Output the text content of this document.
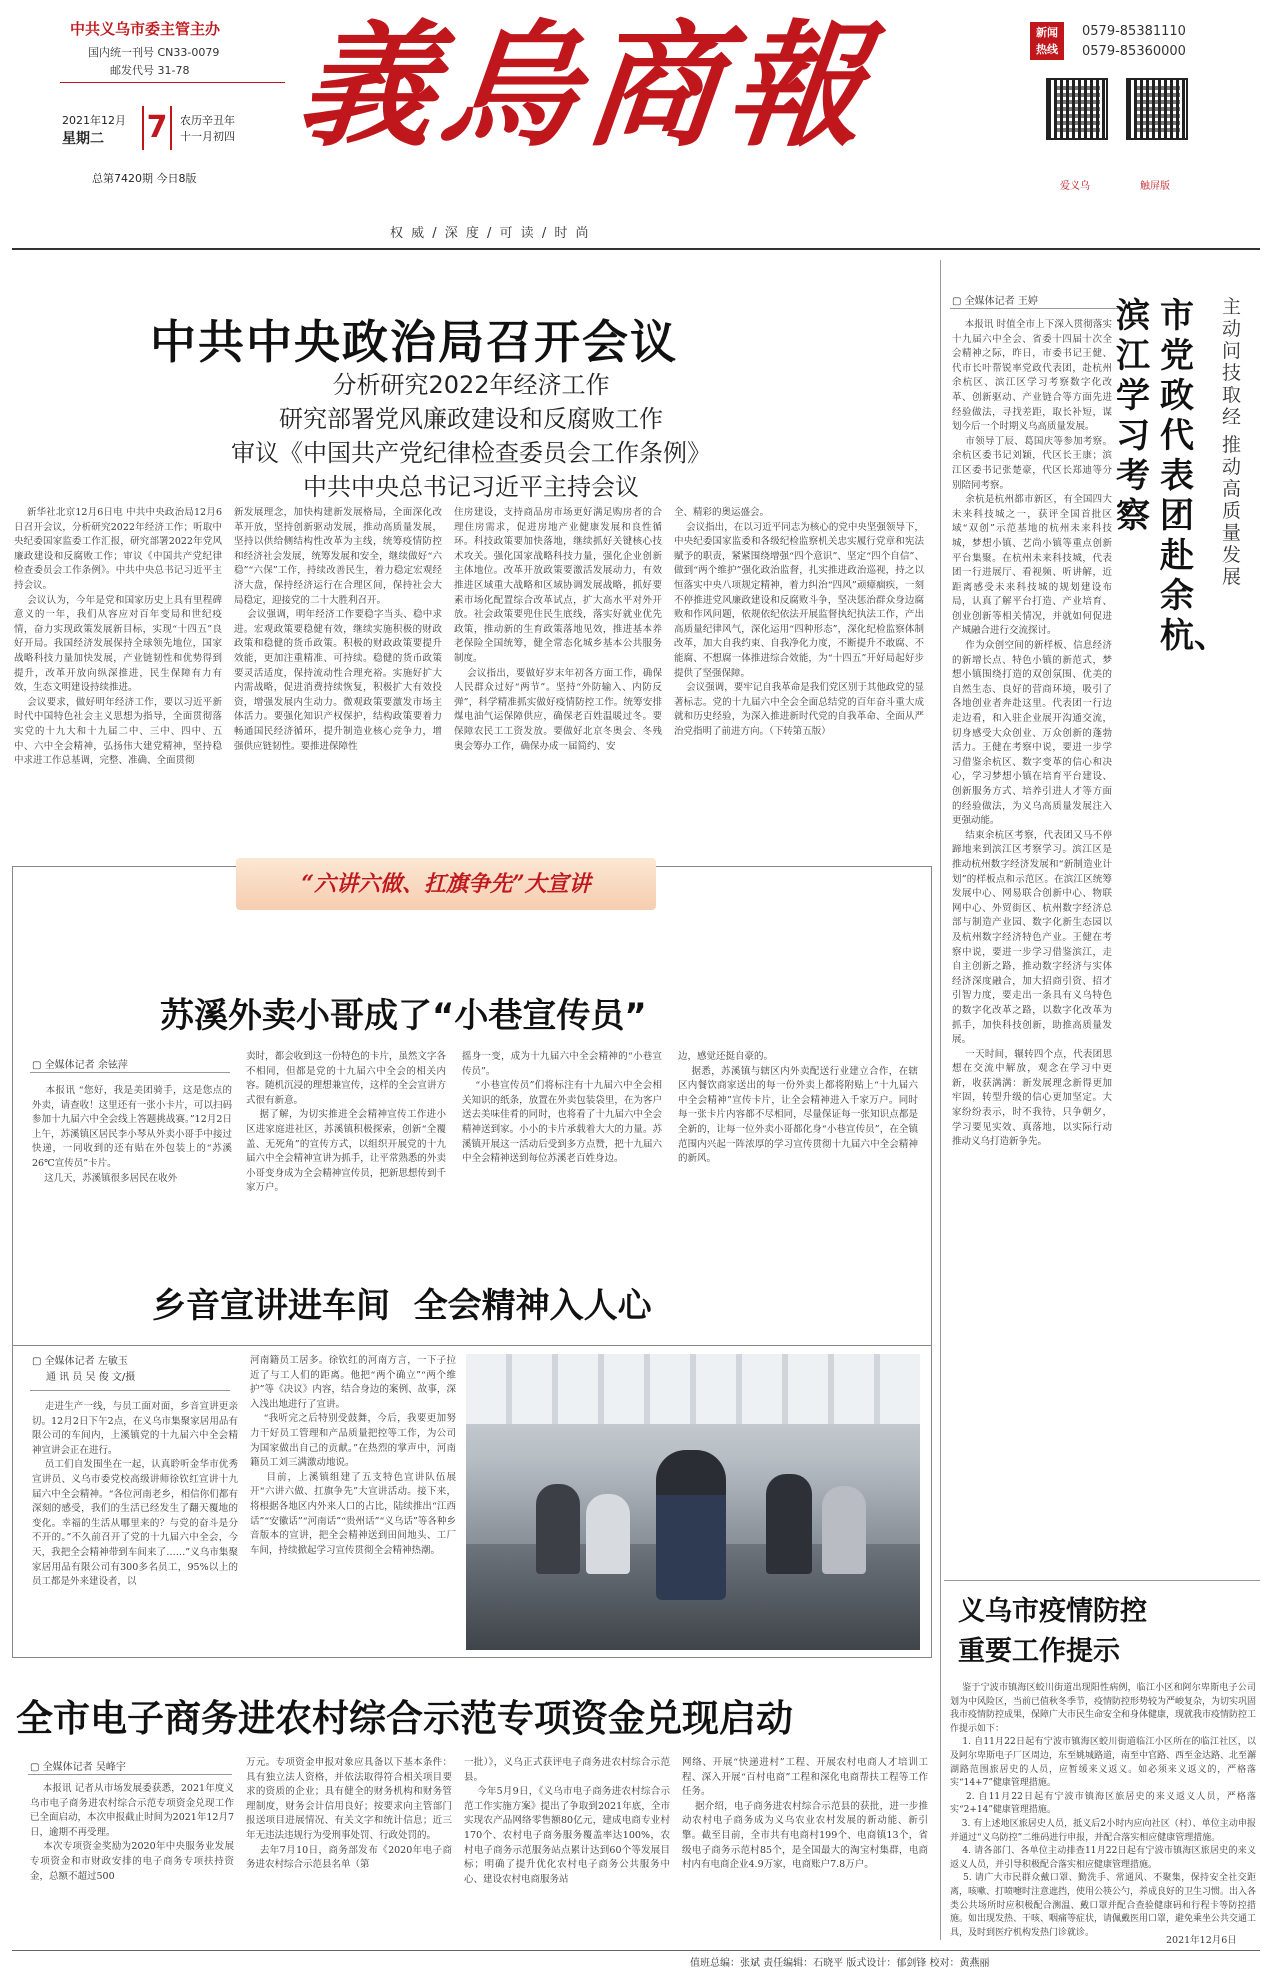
中共义乌市委主管主办
国内统一刊号 CN33-0079
邮发代号 31-78
2021年12月
星期二 7	农历辛丑年
十一月初四
总第7420期 今日8版
義烏商報
权 威 / 深 度 / 可 读 / 时 尚
新闻
热线
0579-85381110
0579-85360000
爱义乌	触屏版
中共中央政治局召开会议
分析研究2022年经济工作
研究部署党风廉政建设和反腐败工作
审议《中国共产党纪律检查委员会工作条例》
中共中央总书记习近平主持会议
新华社北京12月6日电 中共中央政治局12月6日召开会议，分析研究2022年经济工作；听取中央纪委国家监委工作汇报，研究部署2022年党风廉政建设和反腐败工作；审议《中国共产党纪律检查委员会工作条例》。中共中央总书记习近平主持会议。
会议认为，今年是党和国家历史上具有里程碑意义的一年，我们从容应对百年变局和世纪疫情，奋力实现政策发展新目标，实现“十四五”良好开局。我国经济发展保持全球领先地位，国家战略科技力量加快发展，产业链韧性和优势得到提升，改革开放向纵深推进，民生保障有力有效，生态文明建设持续推进。
会议要求，做好明年经济工作，要以习近平新时代中国特色社会主义思想为指导，全面贯彻落实党的十九大和十九届二中、三中、四中、五中、六中全会精神，弘扬伟大建党精神，坚持稳中求进工作总基调，完整、准确、全面贯彻
新发展理念，加快构建新发展格局，全面深化改革开放，坚持创新驱动发展，推动高质量发展，坚持以供给侧结构性改革为主线，统筹疫情防控和经济社会发展，统筹发展和安全，继续做好“六稳”“六保”工作，持续改善民生，着力稳定宏观经济大盘，保持经济运行在合理区间，保持社会大局稳定，迎接党的二十大胜利召开。
会议强调，明年经济工作要稳字当头、稳中求进。宏观政策要稳健有效，继续实施积极的财政政策和稳健的货币政策。积极的财政政策要提升效能，更加注重精准、可持续。稳健的货币政策要灵活适度，保持流动性合理充裕。实施好扩大内需战略，促进消费持续恢复，积极扩大有效投资，增强发展内生动力。微观政策要激发市场主体活力。要强化知识产权保护，结构政策要着力畅通国民经济循环，提升制造业核心竞争力，增强供应链韧性。要推进保障性
住房建设，支持商品房市场更好满足购房者的合理住房需求，促进房地产业健康发展和良性循环。科技政策要加快落地，继续抓好关键核心技术攻关。强化国家战略科技力量，强化企业创新主体地位。改革开放政策要激活发展动力，有效推进区域重大战略和区域协调发展战略，抓好要素市场化配置综合改革试点，扩大高水平对外开放。社会政策要兜住民生底线，落实好就业优先政策，推动新的生育政策落地见效，推进基本养老保险全国统筹，健全常态化城乡基本公共服务制度。
会议指出，要做好岁末年初各方面工作，确保人民群众过好“两节”。坚持“外防输入、内防反弹”，科学精准抓实做好疫情防控工作。统筹安排煤电油气运保障供应，确保老百姓温暖过冬。要保障农民工工资发放。要做好北京冬奥会、冬残奥会筹办工作，确保办成一届简约、安
全、精彩的奥运盛会。
会议指出，在以习近平同志为核心的党中央坚强领导下，中央纪委国家监委和各级纪检监察机关忠实履行党章和宪法赋予的职责，紧紧围绕增强“四个意识”、坚定“四个自信”、做到“两个维护”强化政治监督，扎实推进政治巡视，持之以恒落实中央八项规定精神，着力纠治“四风”顽瘴痼疾，一刻不停推进党风廉政建设和反腐败斗争，坚决惩治群众身边腐败和作风问题，依规依纪依法开展监督执纪执法工作，产出高质量纪律风气，深化运用“四种形态”，深化纪检监察体制改革，加大自我约束、自我净化力度，不断提升不敢腐、不能腐、不想腐一体推进综合效能，为“十四五”开好局起好步提供了坚强保障。
会议强调，要牢记自我革命是我们党区别于其他政党的显著标志。党的十九届六中全会全面总结党的百年奋斗重大成就和历史经验，为深入推进新时代党的自我革命、全面从严治党指明了前进方向。（下转第五版）
“六讲六做、扛旗争先”大宣讲
苏溪外卖小哥成了“小巷宣传员”
▢ 全媒体记者 余铉萍
本报讯 “您好，我是美团骑手，这是您点的外卖，请查收！这里还有一张小卡片，可以扫码参加十九届六中全会线上答题挑战赛。”12月2日上午，苏溪镇区居民李小琴从外卖小哥手中接过快递，一同收到的还有贴在外包装上的“苏溪26℃宣传员”卡片。
这几天，苏溪镇很多居民在收外
卖时，都会收到这一份特色的卡片，虽然文字各不相同，但都是党的十九届六中全会的相关内容。随机沉浸的理想兼宣传，这样的全会宣讲方式很有新意。
据了解，为切实推进全会精神宣传工作进小区进家庭进社区，苏溪镇积极探索，创新“全覆盖、无死角”的宣传方式，以组织开展党的十九届六中全会精神宣讲为抓手，让平常熟悉的外卖小哥变身成为全会精神宣传员，把新思想传到千家万户。
摇身一变，成为十九届六中全会精神的“小巷宣传员”。
“小巷宣传员”们将标注有十九届六中全会相关知识的纸条，放置在外卖包装袋里，在为客户送去美味佳肴的同时，也将看了十九届六中全会精神送到家。小小的卡片承载着大大的力量。苏溪镇开展这一活动后受到多方点赞，把十九届六中全会精神送到每位苏溪老百姓身边。
边，感觉还挺自豪的。
据悉，苏溪镇与辖区内外卖配送行业建立合作，在辖区内餐饮商家送出的每一份外卖上都将附贴上“十九届六中全会精神”宣传卡片，让全会精神进入千家万户。同时每一张卡片内容都不尽相同，尽量保证每一张知识点都是全新的，让每一位外卖小哥都化身“小巷宣传员”，在全镇范围内兴起一阵浓厚的学习宣传贯彻十九届六中全会精神的新风。
乡音宣讲进车间  全会精神入人心
▢ 全媒体记者 左敏玉
通 讯 员 吴 俊 文/摄
走进生产一线，与员工面对面，乡音宣讲更亲切。12月2日下午2点，在义乌市集聚家居用品有限公司的车间内，上溪镇党的十九届六中全会精神宣讲会正在进行。
员工们自发围坐在一起，认真聆听金华市优秀宣讲员、义乌市委党校高级讲师徐钦红宣讲十九届六中全会精神。“各位河南老乡，相信你们都有深刻的感受，我们的生活已经发生了翻天覆地的变化。幸福的生活从哪里来的？与党的奋斗是分不开的。”不久前召开了党的十九届六中全会，今天，我把全会精神带到车间来了……”义乌市集聚家居用品有限公司有300多名员工，95%以上的员工都是外来建设者，以
河南籍员工居多。徐钦红的河南方言，一下子拉近了与工人们的距离。他把“两个确立”“两个维护”等《决议》内容，结合身边的案例、故事，深入浅出地进行了宣讲。
“我听完之后特别受鼓舞，今后，我要更加努力干好员工管理和产品质量把控等工作，为公司为国家做出自己的贡献。”在热烈的掌声中，河南籍员工刘三满激动地说。
目前，上溪镇组建了五支特色宣讲队伍展开“六讲六做、扛旗争先”大宣讲活动。接下来，将根据各地区内外来人口的占比，陆续推出“江西话”“安徽话”“河南话”“贵州话”“义乌话”等各种乡音版本的宣讲，把全会精神送到田间地头、工厂车间，持续掀起学习宣传贯彻全会精神热潮。
全市电子商务进农村综合示范专项资金兑现启动
▢ 全媒体记者 吴峰宇
本报讯 记者从市场发展委获悉，2021年度义乌市电子商务进农村综合示范专项资金兑现工作已全面启动，本次申报截止时间为2021年12月7日，逾期不再受理。
本次专项资金奖励为2020年中央服务业发展专项资金和市财政安排的电子商务专项扶持资金，总额不超过500
万元。专项资金申报对象应具备以下基本条件：具有独立法人资格，并依法取得符合相关项目要求的资质的企业；具有健全的财务机构和财务管理制度，财务会计信用良好；按要求向主管部门报送项目进展情况、有关文字和统计信息；近三年无违法违规行为受刑事处罚、行政处罚的。
去年7月10日，商务部发布《2020年电子商务进农村综合示范县名单（第
一批）》，义乌正式获评电子商务进农村综合示范县。
今年5月9日，《义乌市电子商务进农村综合示范工作实施方案》提出了争取到2021年底，全市实现农产品网络零售额80亿元，建成电商专业村170个、农村电子商务服务覆盖率达100%，农村电子商务示范服务站点累计达到60个等发展目标；明确了提升优化农村电子商务公共服务中心、建设农村电商服务站
网络、开展“快递进村”工程、开展农村电商人才培训工程、深入开展“百村电商”工程和深化电商帮扶工程等工作任务。
据介绍，电子商务进农村综合示范县的获批，进一步推动农村电子商务成为义乌农业农村发展的新动能、新引擎。截至目前，全市共有电商村199个、电商镇13个，省级电子商务示范村85个，是全国最大的淘宝村集群，电商村内有电商企业4.9万家，电商账户7.8万户。
▢ 全媒体记者 王婷	主动问技取经
推动高质量发展
市党政代表团赴余杭、
滨江学习考察
本报讯 时值全市上下深入贯彻落实十九届六中全会、省委十四届十次全会精神之际，昨日，市委书记王健、代市长叶帮锐率党政代表团，赴杭州余杭区、滨江区学习考察数字化改革、创新驱动、产业链合等方面先进经验做法，寻找差距，取长补短，谋划今后一个时期义乌高质量发展。
市领导丁辰、葛国庆等参加考察。余杭区委书记刘颖，代区长王康；滨江区委书记张楚豪，代区长郑迪等分别陪同考察。
余杭是杭州都市新区，有全国四大未来科技城之一，获评全国首批区域“双创”示范基地的杭州未来科技城，梦想小镇、艺尚小镇等重点创新平台集聚。在杭州未来科技城，代表团一行进展厅、看视频、听讲解，近距离感受未来科技城的规划建设布局，认真了解平台打造、产业培育、创业创新等相关情况，并就如何促进产城融合进行交流探讨。
作为众创空间的新样板、信息经济的新增长点、特色小镇的新范式，梦想小镇围绕打造的双创氛围、优美的自然生态、良好的营商环境，吸引了各地创业者奔赴这里。代表团一行边走边看，和入驻企业展开沟通交流，切身感受大众创业、万众创新的蓬勃活力。王健在考察中说，要进一步学习借鉴余杭区、数字变革的信心和决心，学习梦想小镇在培育平台建设、创新服务方式、培养引进人才等方面的经验做法，为义乌高质量发展注入更强动能。
结束余杭区考察，代表团又马不停蹄地来到滨江区考察学习。滨江区是推动杭州数字经济发展和“新制造业计划”的样板点和示范区。在滨江区统筹发展中心、网易联合创新中心、物联网中心、外贸街区、杭州数字经济总部与制造产业园、数字化新生态园以及杭州数字经济特色产业。王健在考察中说，要进一步学习借鉴滨江，走自主创新之路，推动数字经济与实体经济深度融合，加大招商引资、招才引智力度，要走出一条具有义乌特色的数字化改革之路，以数字化改革为抓手，加快科技创新，助推高质量发展。
一天时间，辗转四个点，代表团思想在交流中解放，观念在学习中更新，收获满满：新发展理念新得更加牢固，转型升级的信心更加坚定。大家纷纷表示，时不我待，只争朝夕，学习要见实效、真落地，以实际行动推动义乌打造新争先。
义乌市疫情防控
重要工作提示
鉴于宁波市镇海区蛟川街道出现阳性病例，临江小区和阿尔卑斯电子公司划为中风险区，当前已值秋冬季节，疫情防控形势较为严峻复杂，为切实巩固我市疫情防控成果，保障广大市民生命安全和身体健康，现就我市疫情防控工作提示如下：
1. 自11月22日起有宁波市镇海区蛟川街道临江小区所在的临江社区，以及阿尔卑斯电子厂区周边，东至姚城路道，南至中官路、西至金达路、北至澥湖路范围旅居史的人员，应暂缓来义返义。如必须来义返义的，严格落实“14+7”健康管理措施。
2. 自11月22日起有宁波市镇海区旅居史的来义返义人员，严格落实“2+14”健康管理措施。
3. 有上述地区旅居史人员，抵义后2小时内应向社区（村）、单位主动申报并通过“义乌防控”二维码进行申报，并配合落实相应健康管理措施。
4. 请各部门、各单位主动排查11月22日起有宁波市镇海区旅居史的来义返义人员，并引导积极配合落实相应健康管理措施。
5. 请广大市民群众戴口罩、勤洗手、常通风、不聚集，保持安全社交距离，咳嗽、打喷嚏时注意遮挡，使用公筷公勺，养成良好的卫生习惯。出入各类公共场所时应积极配合测温、戴口罩并配合查验健康码和行程卡等防控措施。如出现发热、干咳、咽痛等症状，请佩戴医用口罩，避免乘坐公共交通工具，及时到医疗机构发热门诊就诊。
2021年12月6日
值班总编：张斌 责任编辑：石晓平 版式设计：郁剑锋 校对：黄燕丽
